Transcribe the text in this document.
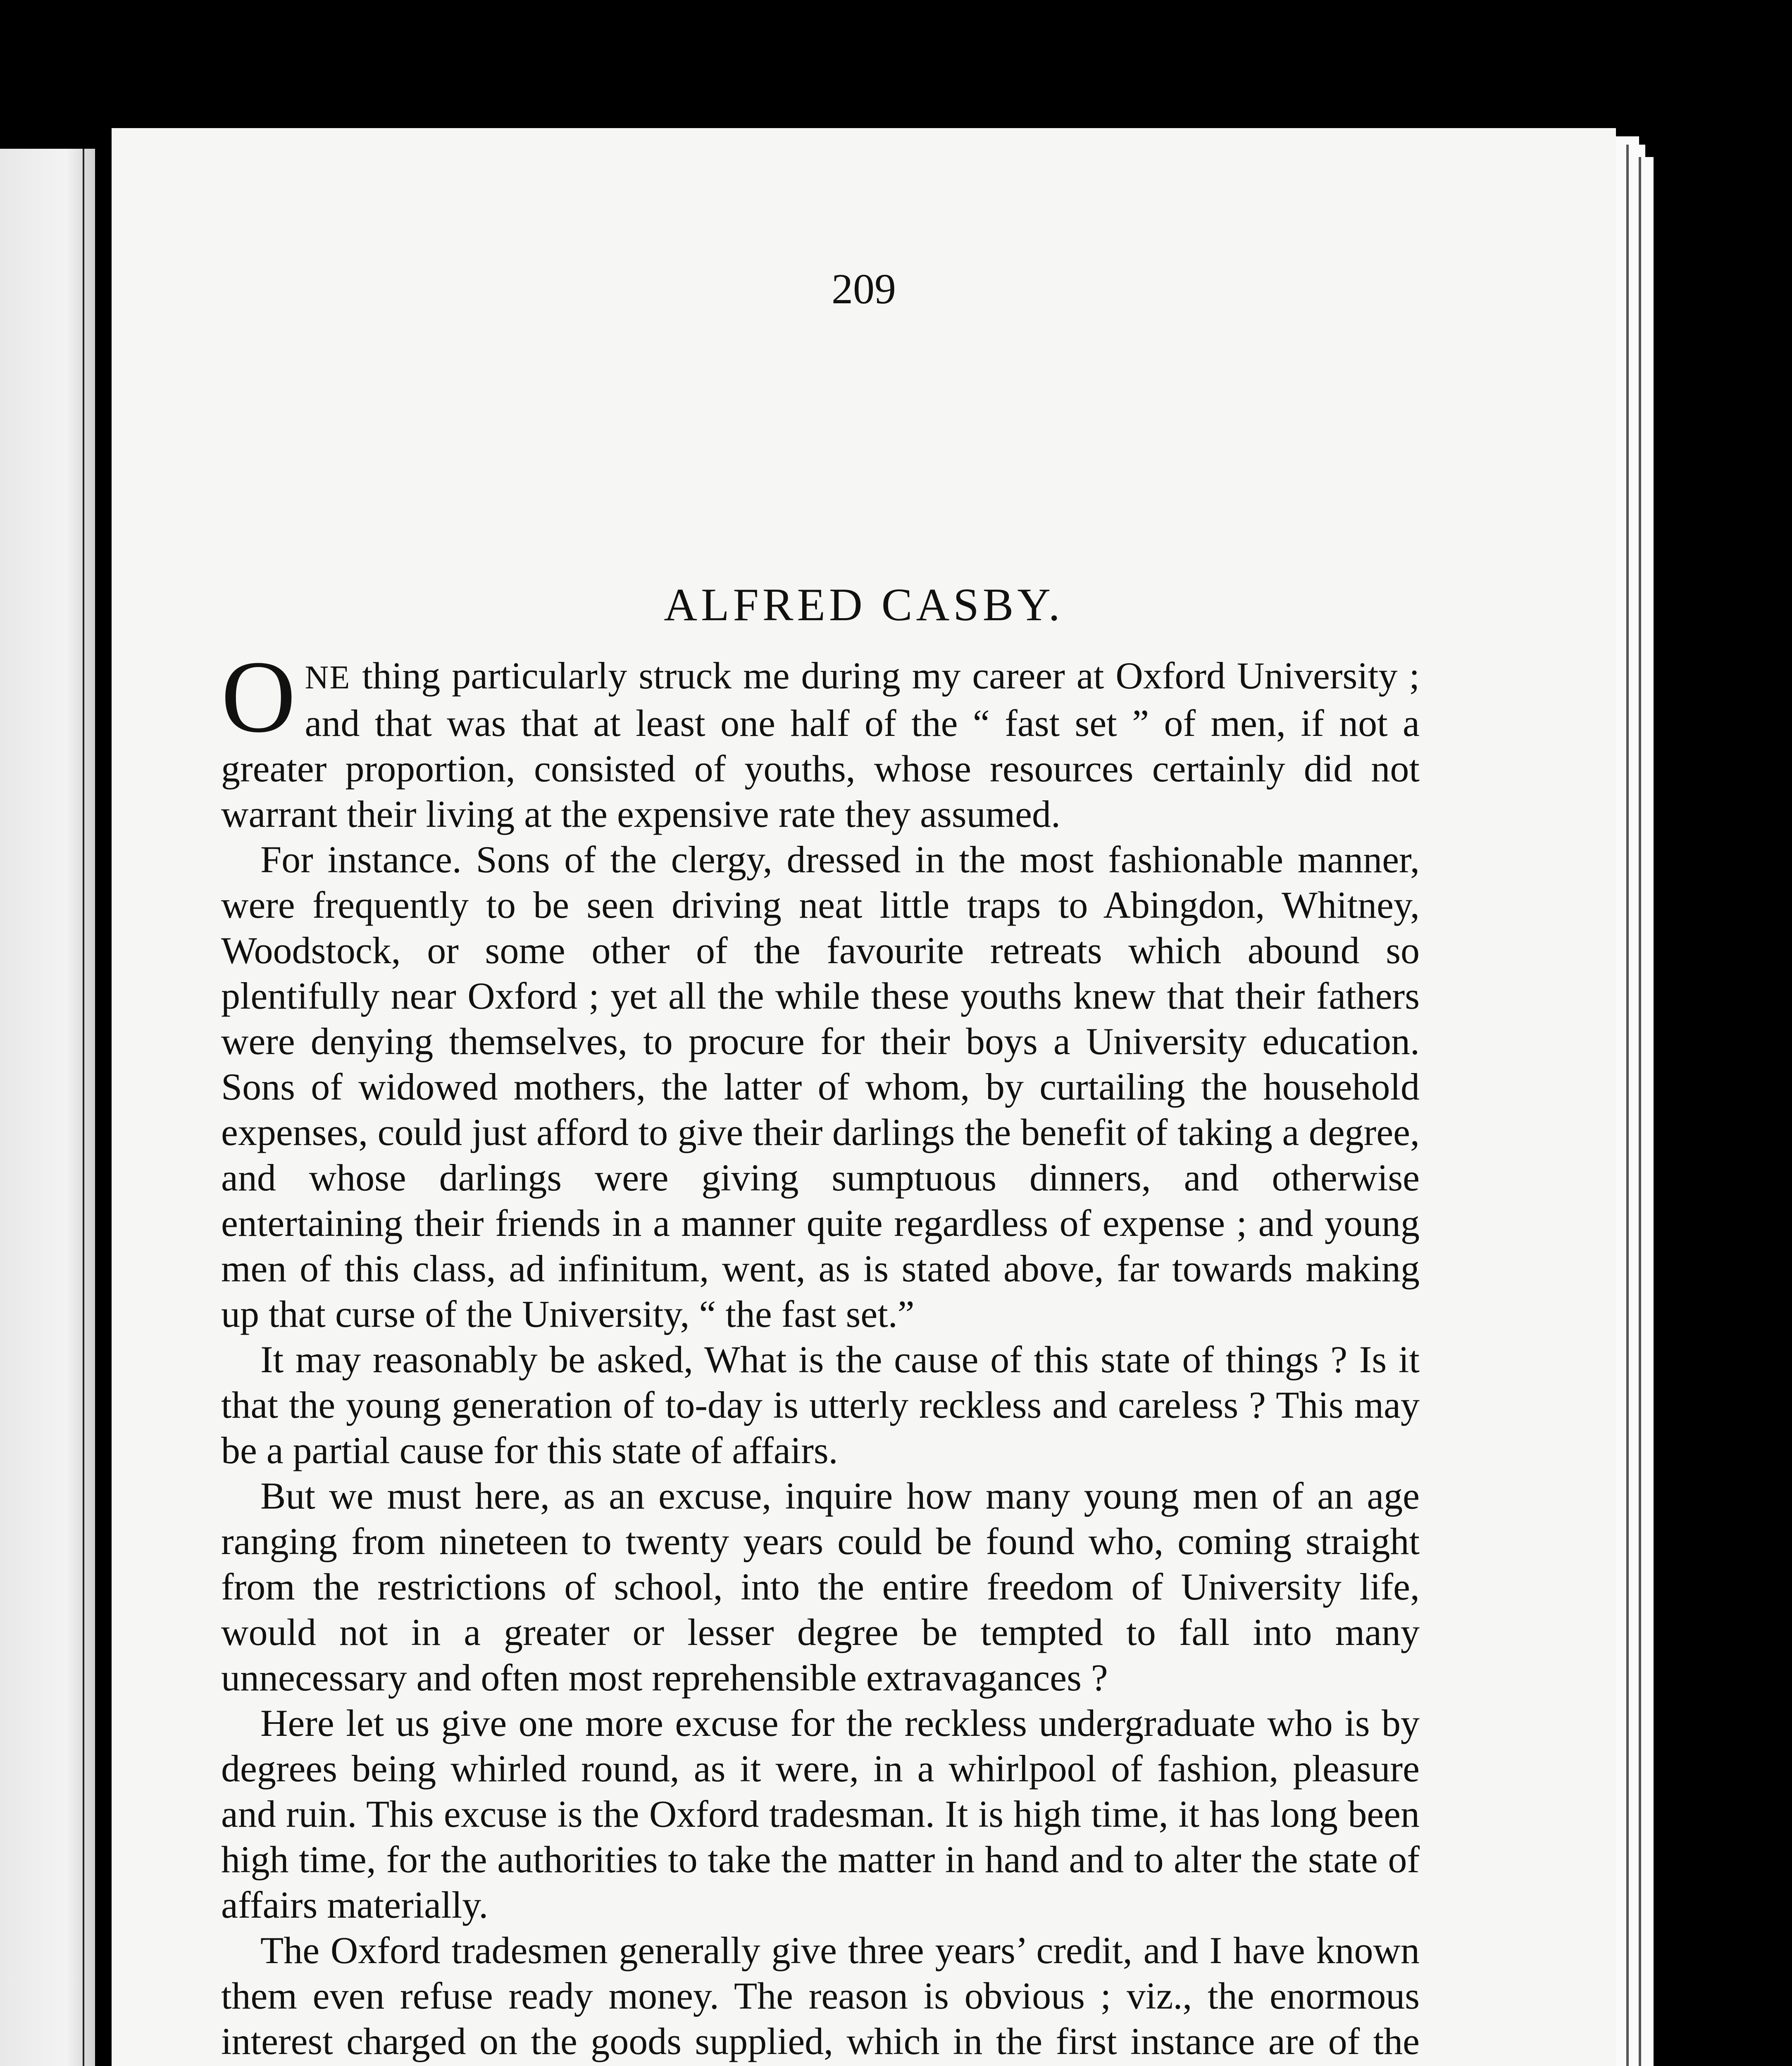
209
ALFRED CASBY.

ONE thing particularly struck me during my career at Oxford University ; and that was that at least one half of the “ fast set ” of men, if not a greater proportion, consisted of youths, whose resources certainly did not warrant their living at the expensive rate they assumed.

For instance. Sons of the clergy, dressed in the most fashionable manner, were frequently to be seen driving neat little traps to Abingdon, Whitney, Woodstock, or some other of the favourite retreats which abound so plentifully near Oxford ; yet all the while these youths knew that their fathers were denying themselves, to procure for their boys a University education. Sons of widowed mothers, the latter of whom, by curtailing the household expenses, could just afford to give their darlings the benefit of taking a degree, and whose darlings were giving sumptuous dinners, and otherwise entertaining their friends in a manner quite regardless of expense ; and young men of this class, ad infinitum, went, as is stated above, far towards making up that curse of the University, “ the fast set.”

It may reasonably be asked, What is the cause of this state of things ? Is it that the young generation of to-day is utterly reckless and careless ? This may be a partial cause for this state of affairs.

But we must here, as an excuse, inquire how many young men of an age ranging from nineteen to twenty years could be found who, coming straight from the restrictions of school, into the entire freedom of University life, would not in a greater or lesser degree be tempted to fall into many unnecessary and often most reprehensible extravagances ?

Here let us give one more excuse for the reckless undergraduate who is by degrees being whirled round, as it were, in a whirlpool of fashion, pleasure and ruin. This excuse is the Oxford tradesman. It is high time, it has long been high time, for the authorities to take the matter in hand and to alter the state of affairs materially.

The Oxford tradesmen generally give three years’ credit, and I have known them even refuse ready money. The reason is obvious ; viz., the enormous interest charged on the goods supplied, which in the first instance are of the
